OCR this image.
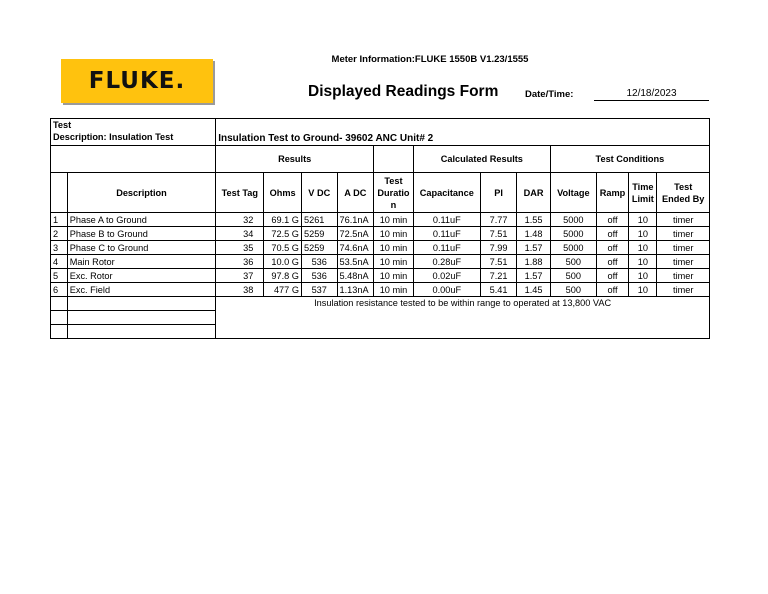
Meter Information:FLUKE 1550B V1.23/1555
FLUKE.	Displayed Readings Form	Date/Time:	12/18/2023
Test
Description: Insulation Test		Insulation Test to Ground- 39602 ANC Unit# 2											
		Results					Calculated Results			Test Conditions			
	Description	Test Tag	Ohms	V DC	A DC	Test Duratio n	Capacitance	PI	DAR	Voltage	Ramp	Time Limit	Test Ended By
1	Phase A to Ground	32	69.1 G	5261	76.1nA	10 min	0.11uF	7.77	1.55	5000	off	10	timer
2	Phase B to Ground	34	72.5 G	5259	72.5nA	10 min	0.11uF	7.51	1.48	5000	off	10	timer
3	Phase C to Ground	35	70.5 G	5259	74.6nA	10 min	0.11uF	7.99	1.57	5000	off	10	timer
4	Main Rotor	36	10.0 G	536	53.5nA	10 min	0.28uF	7.51	1.88	500	off	10	timer
5	Exc. Rotor	37	97.8 G	536	5.48nA	10 min	0.02uF	7.21	1.57	500	off	10	timer
6	Exc. Field	38	477 G	537	1.13nA	10 min	0.00uF	5.41	1.45	500	off	10	timer
		Insulation resistance tested to be within range to operated at 13,800 VAC											
